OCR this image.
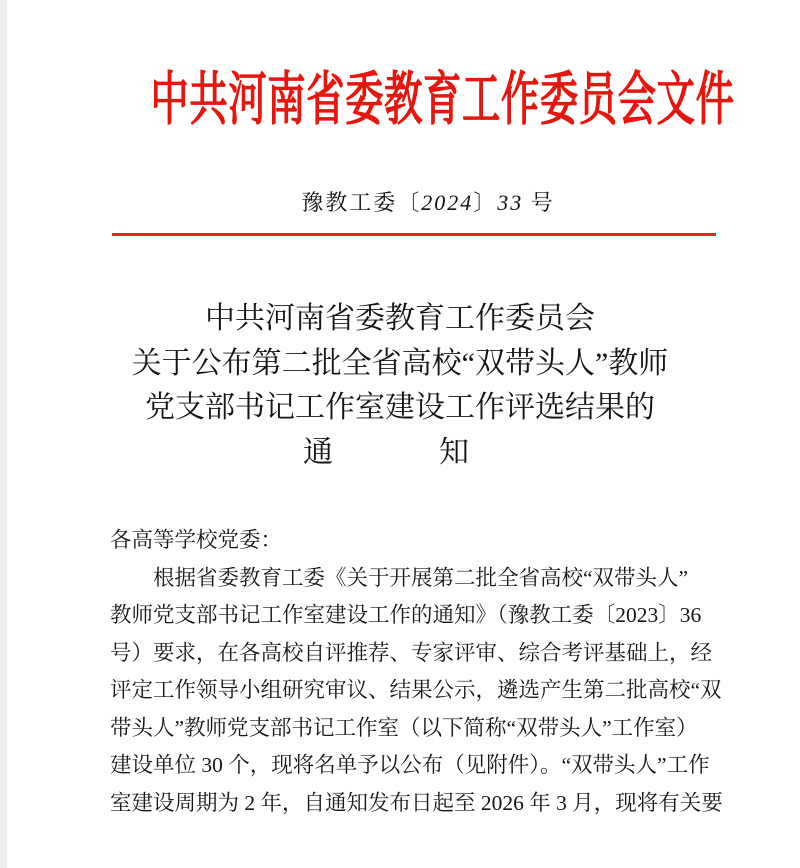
中共河南省委教育工作委员会文件
豫教工委〔2024〕33 号
中共河南省委教育工作委员会
关于公布第二批全省高校“双带头人”教师
党支部书记工作室建设工作评选结果的
通	知
各高等学校党委：
根据省委教育工委《关于开展第二批全省高校“双带头人”
教师党支部书记工作室建设工作的通知》（豫教工委〔2023〕36
号）要求，在各高校自评推荐、专家评审、综合考评基础上，经
评定工作领导小组研究审议、结果公示，遴选产生第二批高校“双
带头人”教师党支部书记工作室（以下简称“双带头人”工作室）
建设单位 30 个，现将名单予以公布（见附件）。“双带头人”工作
室建设周期为 2 年，自通知发布日起至 2026 年 3 月，现将有关要
